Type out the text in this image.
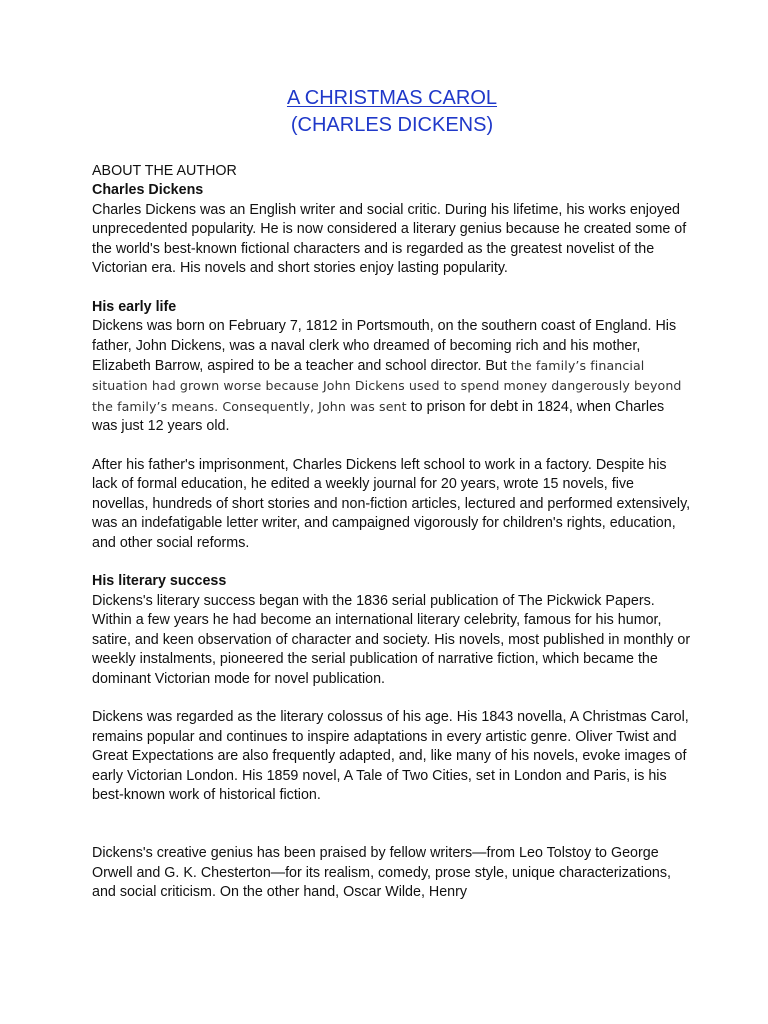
A CHRISTMAS CAROL
(CHARLES DICKENS)
ABOUT THE AUTHOR
Charles Dickens

Charles Dickens was an English writer and social critic. During his lifetime, his works enjoyed unprecedented popularity. He is now considered a literary genius because he created some of the world's best-known fictional characters and is regarded as the greatest novelist of the Victorian era. His novels and short stories enjoy lasting popularity.

His early life

Dickens was born on February 7, 1812 in Portsmouth, on the southern coast of England. His father, John Dickens, was a naval clerk who dreamed of becoming rich and his mother, Elizabeth Barrow, aspired to be a teacher and school director. But the family’s financial situation had grown worse because John Dickens used to spend money dangerously beyond the family’s means. Consequently, John was sent to prison for debt in 1824, when Charles was just 12 years old.

After his father's imprisonment, Charles Dickens left school to work in a factory. Despite his lack of formal education, he edited a weekly journal for 20 years, wrote 15 novels, five novellas, hundreds of short stories and non-fiction articles, lectured and performed extensively, was an indefatigable letter writer, and campaigned vigorously for children's rights, education, and other social reforms.

His literary success

Dickens's literary success began with the 1836 serial publication of The Pickwick Papers. Within a few years he had become an international literary celebrity, famous for his humor, satire, and keen observation of character and society. His novels, most published in monthly or weekly instalments, pioneered the serial publication of narrative fiction, which became the dominant Victorian mode for novel publication.

Dickens was regarded as the literary colossus of his age. His 1843 novella, A Christmas Carol, remains popular and continues to inspire adaptations in every artistic genre. Oliver Twist and Great Expectations are also frequently adapted, and, like many of his novels, evoke images of early Victorian London. His 1859 novel, A Tale of Two Cities, set in London and Paris, is his best-known work of historical fiction.

Dickens's creative genius has been praised by fellow writers—from Leo Tolstoy to George Orwell and G. K. Chesterton—for its realism, comedy, prose style, unique characterizations, and social criticism. On the other hand, Oscar Wilde, Henry
